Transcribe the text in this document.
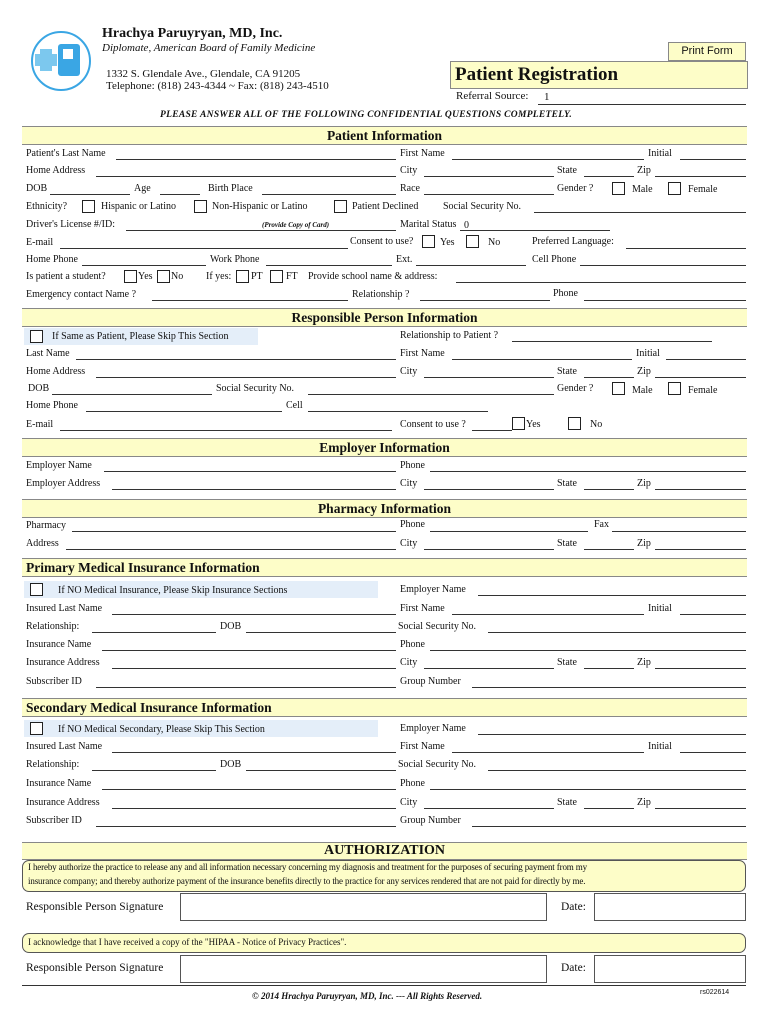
Hrachya Paruyryan, MD, Inc.
Diplomate, American Board of Family Medicine
1332 S. Glendale Ave., Glendale, CA 91205
Telephone: (818) 243-4344 ~ Fax: (818) 243-4510
Print Form
Patient Registration
Referral Source: 1
PLEASE ANSWER ALL OF THE FOLLOWING CONFIDENTIAL QUESTIONS COMPLETELY.
Patient Information
Patient's Last Name	First Name	Initial
Home Address	City	State	Zip
DOB	Age	Birth Place	Race	Gender ?	Male	Female
Ethnicity?	Hispanic or Latino	Non-Hispanic or Latino	Patient Declined Social Security No.
Driver's License #/ID:	(Provide Copy of Card)	Marital Status 0
E-mail	Consent to use?	Yes	No	Preferred Language:
Home Phone	Work Phone	Ext.	Cell Phone
Is patient a student?	Yes No If yes: PT FT Provide school name & address:
Emergency contact Name ?	Relationship ?	Phone
Responsible Person Information
If Same as Patient, Please Skip This Section	Relationship to Patient ?
Last Name	First Name	Initial
Home Address	City	State	Zip
DOB	Social Security No.	Gender ?	Male	Female
Home Phone	Cell
E-mail	Consent to use ?	Yes	No
Employer Information
Employer Name	Phone
Employer Address	City	State	Zip
Pharmacy Information
Pharmacy	Phone	Fax
Address	City	State	Zip
Primary Medical Insurance Information
If NO Medical Insurance, Please Skip Insurance Sections	Employer Name
Insured Last Name	First Name	Initial
Relationship:	DOB	Social Security No.
Insurance Name	Phone
Insurance Address	City	State	Zip
Subscriber ID	Group Number
Secondary Medical Insurance Information
If NO Medical Secondary, Please Skip This Section	Employer Name
Insured Last Name	First Name	Initial
Relationship:	DOB	Social Security No.
Insurance Name	Phone
Insurance Address	City	State	Zip
Subscriber ID	Group Number
AUTHORIZATION
I hereby authorize the practice to release any and all information necessary concerning my diagnosis and treatment for the purposes of securing payment from my
insurance company; and thereby authorize payment of the insurance benefits directly to the practice for any services rendered that are not paid for directly by me.
Responsible Person Signature	Date:
I acknowledge that I have received a copy of the "HIPAA - Notice of Privacy Practices".
Responsible Person Signature	Date:
© 2014 Hrachya Paruyryan, MD, Inc. --- All Rights Reserved.	rs022614
